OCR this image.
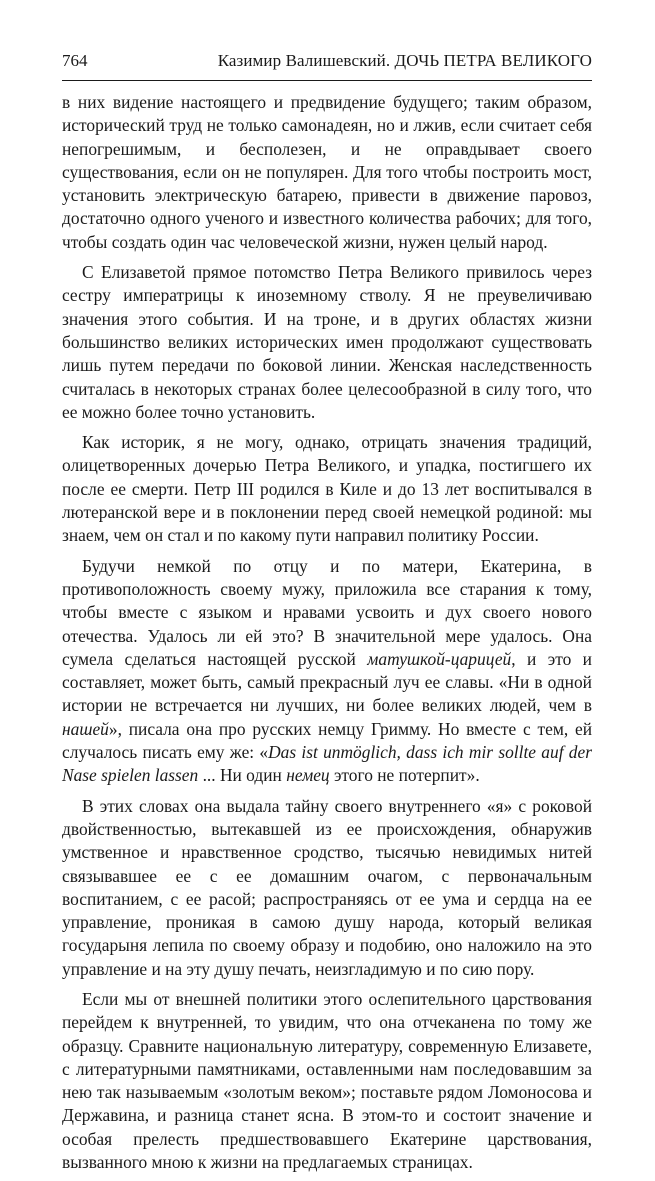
764	Казимир Валишевский. ДОЧЬ ПЕТРА ВЕЛИКОГО

в них видение настоящего и предвидение будущего; таким образом, исторический труд не только самонадеян, но и лжив, если считает себя непогрешимым, и бесполезен, и не оправдывает своего существования, если он не популярен. Для того чтобы построить мост, установить электрическую батарею, привести в движение паровоз, достаточно одного ученого и известного количества рабочих; для того, чтобы создать один час человеческой жизни, нужен целый народ.

С Елизаветой прямое потомство Петра Великого привилось через сестру императрицы к иноземному стволу. Я не преувеличиваю значения этого события. И на троне, и в других областях жизни большинство великих исторических имен продолжают существовать лишь путем передачи по боковой линии. Женская наследственность считалась в некоторых странах более целесообразной в силу того, что ее можно более точно установить.

Как историк, я не могу, однако, отрицать значения традиций, олицетворенных дочерью Петра Великого, и упадка, постигшего их после ее смерти. Петр III родился в Киле и до 13 лет воспитывался в лютеранской вере и в поклонении перед своей немецкой родиной: мы знаем, чем он стал и по какому пути направил политику России.

Будучи немкой по отцу и по матери, Екатерина, в противоположность своему мужу, приложила все старания к тому, чтобы вместе с языком и нравами усвоить и дух своего нового отечества. Удалось ли ей это? В значительной мере удалось. Она сумела сделаться настоящей русской матушкой-царицей, и это и составляет, может быть, самый прекрасный луч ее славы. «Ни в одной истории не встречается ни лучших, ни более великих людей, чем в нашей», писала она про русских немцу Гримму. Но вместе с тем, ей случалось писать ему же: «Das ist unmöglich, dass ich mir sollte auf der Nase spielen lassen ... Ни один немец этого не потерпит».

В этих словах она выдала тайну своего внутреннего «я» с роковой двойственностью, вытекавшей из ее происхождения, обнаружив умственное и нравственное сродство, тысячью невидимых нитей связывавшее ее с ее домашним очагом, с первоначальным воспитанием, с ее расой; распространяясь от ее ума и сердца на ее управление, проникая в самою душу народа, который великая государыня лепила по своему образу и подобию, оно наложило на это управление и на эту душу печать, неизгладимую и по сию пору.

Если мы от внешней политики этого ослепительного царствования перейдем к внутренней, то увидим, что она отчеканена по тому же образцу. Сравните национальную литературу, современную Елизавете, с литературными памятниками, оставленными нам последовавшим за нею так называемым «золотым веком»; поставьте рядом Ломоносова и Державина, и разница станет ясна. В этом-то и состоит значение и особая прелесть предшествовавшего Екатерине царствования, вызванного мною к жизни на предлагаемых страницах.
